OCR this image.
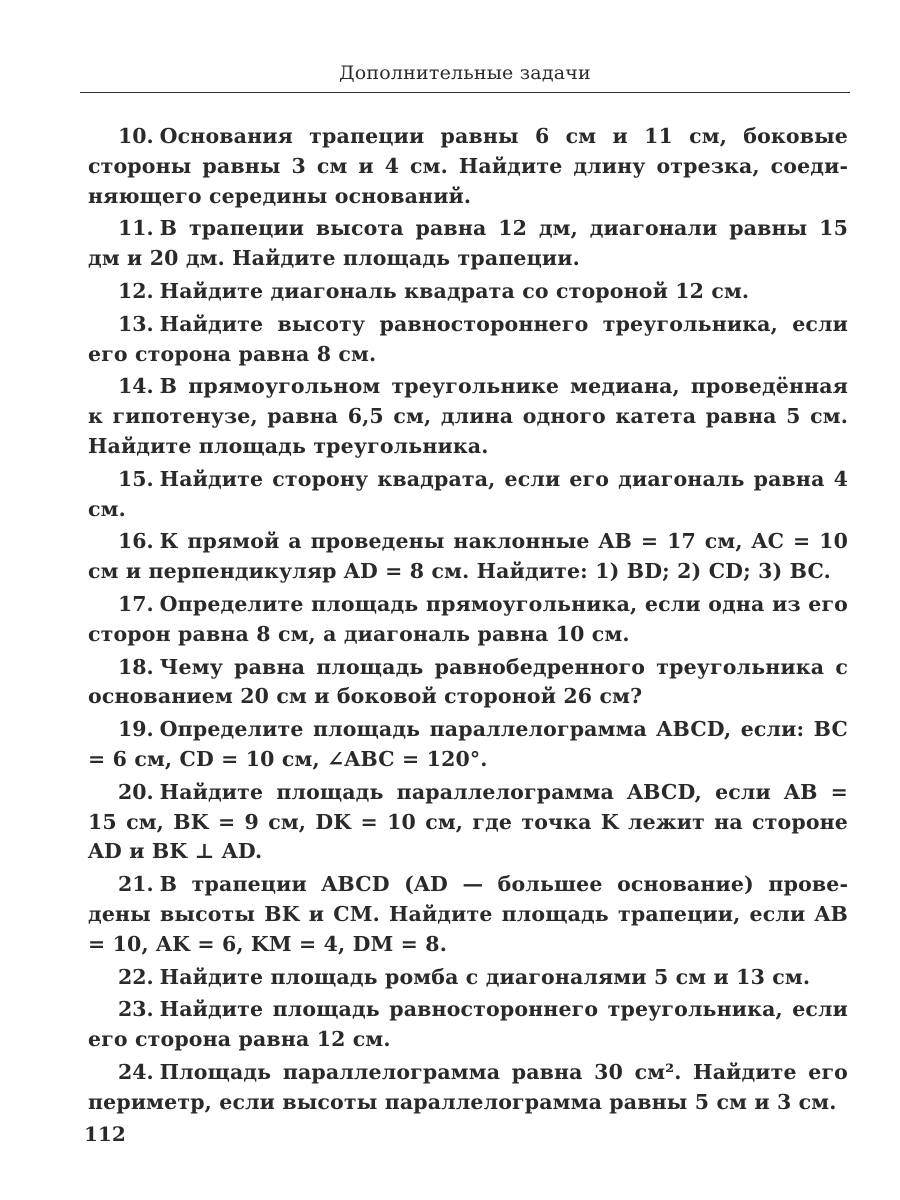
Дополнительные задачи

10. Основания трапеции равны 6 см и 11 см, боковые стороны равны 3 см и 4 см. Найдите длину отрезка, соединяющего середины оснований.

11. В трапеции высота равна 12 дм, диагонали равны 15 дм и 20 дм. Найдите площадь трапеции.

12. Найдите диагональ квадрата со стороной 12 см.

13. Найдите высоту равностороннего треугольника, если его сторона равна 8 см.

14. В прямоугольном треугольнике медиана, проведённая к гипотенузе, равна 6,5 см, длина одного катета равна 5 см. Найдите площадь треугольника.

15. Найдите сторону квадрата, если его диагональ равна 4 см.

16. К прямой a проведены наклонные AB = 17 см, AC = 10 см и перпендикуляр AD = 8 см. Найдите: 1) BD; 2) CD; 3) BC.

17. Определите площадь прямоугольника, если одна из его сторон равна 8 см, а диагональ равна 10 см.

18. Чему равна площадь равнобедренного треугольника с основанием 20 см и боковой стороной 26 см?

19. Определите площадь параллелограмма ABCD, если: BC = 6 см, CD = 10 см, ∠ABC = 120°.

20. Найдите площадь параллелограмма ABCD, если AB = 15 см, BK = 9 см, DK = 10 см, где точка K лежит на стороне AD и BK ⊥ AD.

21. В трапеции ABCD (AD — большее основание) проведены высоты BK и CM. Найдите площадь трапеции, если AB = 10, AK = 6, KM = 4, DM = 8.

22. Найдите площадь ромба с диагоналями 5 см и 13 см.

23. Найдите площадь равностороннего треугольника, если его сторона равна 12 см.

24. Площадь параллелограмма равна 30 см². Найдите его периметр, если высоты параллелограмма равны 5 см и 3 см.

112
